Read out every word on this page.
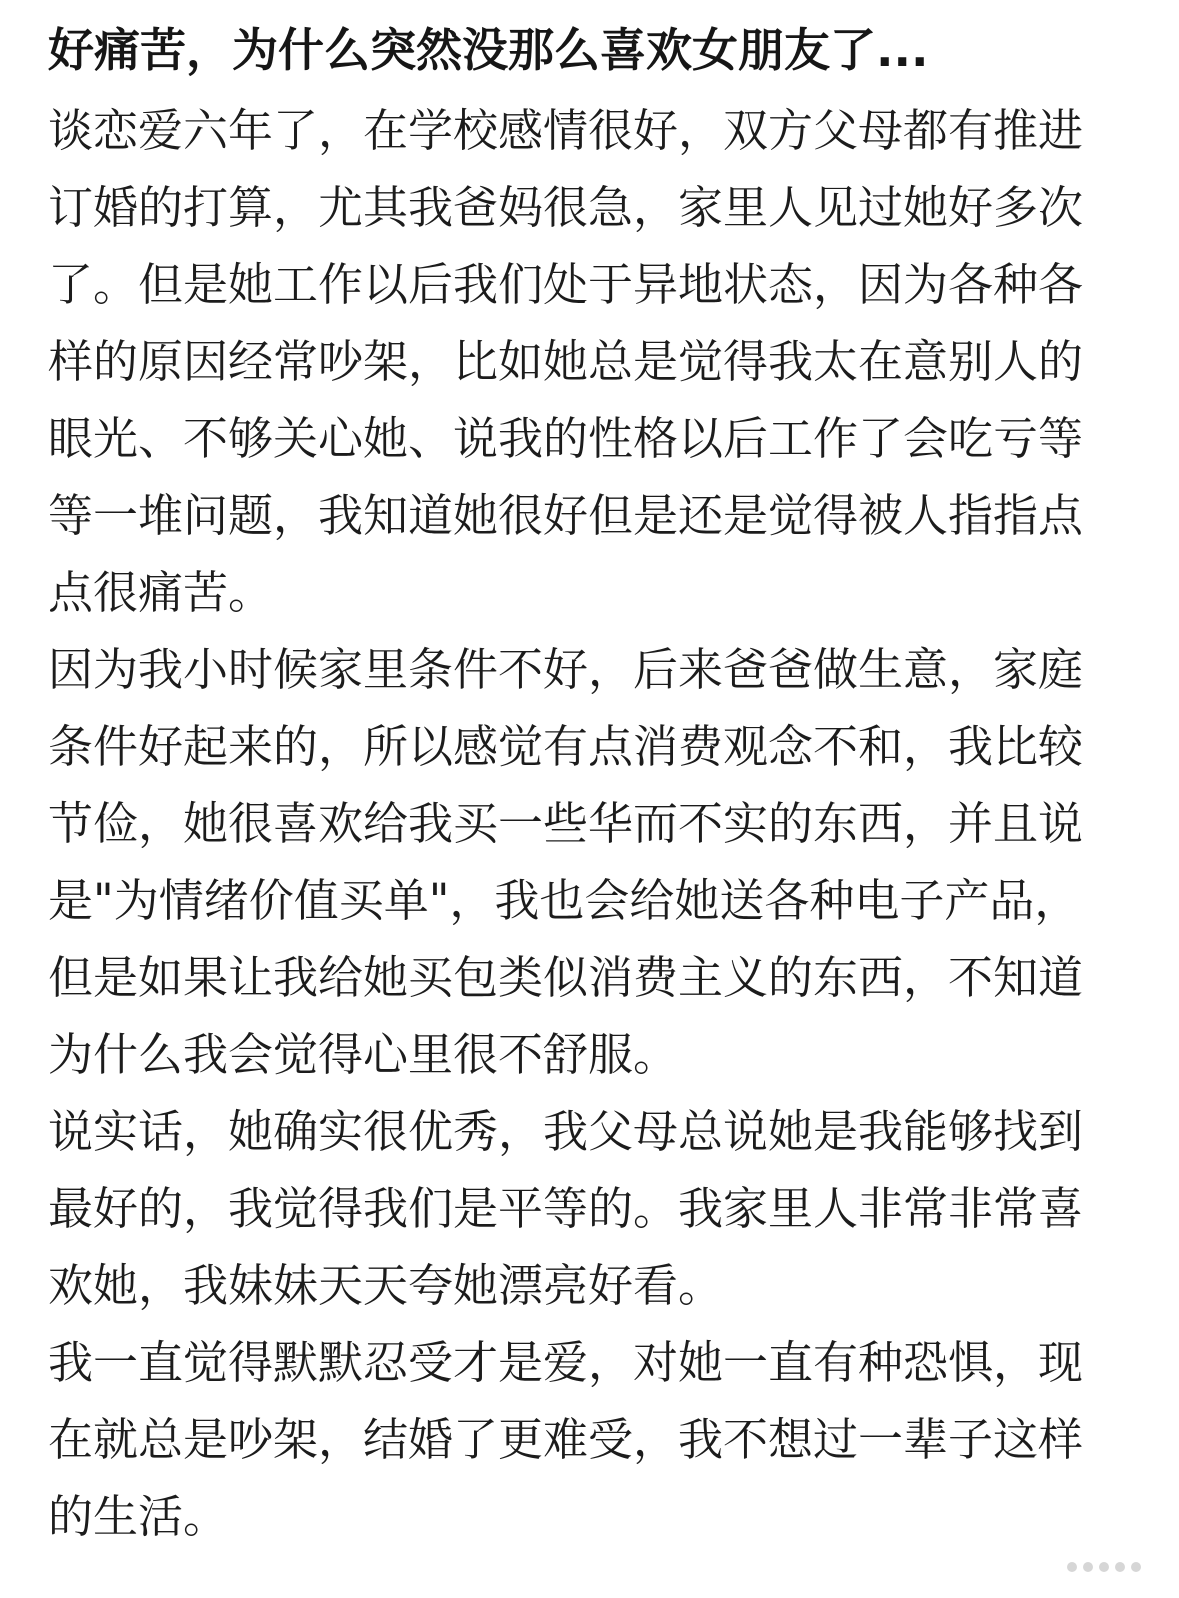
好痛苦，为什么突然没那么喜欢女朋友了...

谈恋爱六年了，在学校感情很好，双方父母都有推进订婚的打算，尤其我爸妈很急，家里人见过她好多次了。但是她工作以后我们处于异地状态，因为各种各样的原因经常吵架，比如她总是觉得我太在意别人的眼光、不够关心她、说我的性格以后工作了会吃亏等等一堆问题，我知道她很好但是还是觉得被人指指点点很痛苦。

因为我小时候家里条件不好，后来爸爸做生意，家庭条件好起来的，所以感觉有点消费观念不和，我比较节俭，她很喜欢给我买一些华而不实的东西，并且说是"为情绪价值买单"，我也会给她送各种电子产品，但是如果让我给她买包类似消费主义的东西，不知道为什么我会觉得心里很不舒服。

说实话，她确实很优秀，我父母总说她是我能够找到最好的，我觉得我们是平等的。我家里人非常非常喜欢她，我妹妹天天夸她漂亮好看。

我一直觉得默默忍受才是爱，对她一直有种恐惧，现在就总是吵架，结婚了更难受，我不想过一辈子这样的生活。
